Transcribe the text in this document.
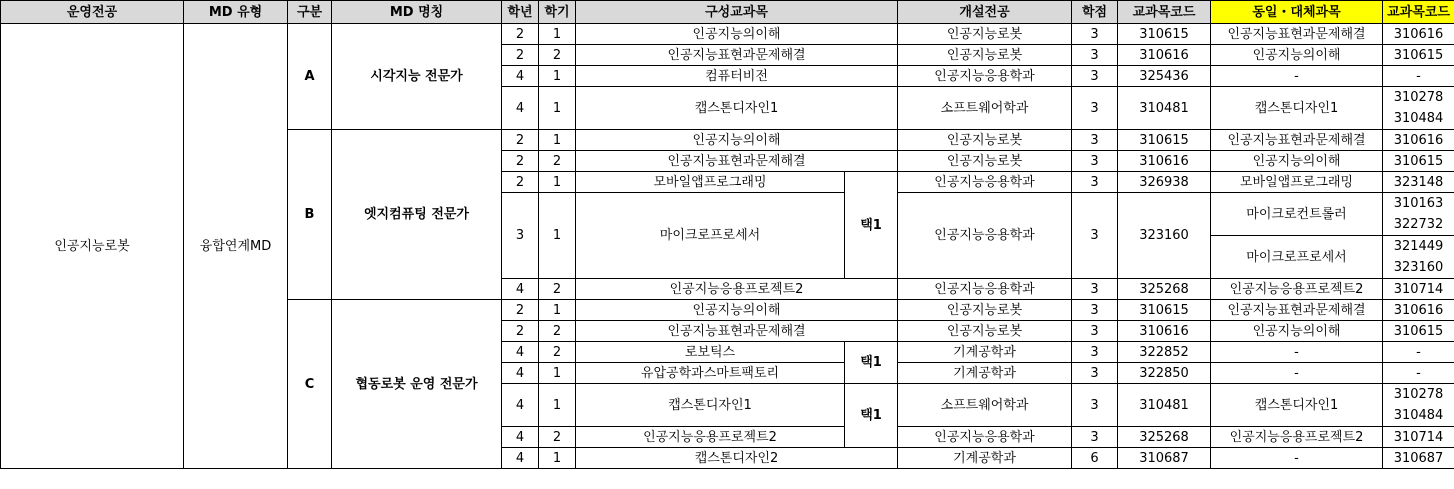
운영전공	MD 유형	구분	MD 명칭	학년	학기	구성교과목		개설전공	학점	교과목코드	동일・대체과목	교과목코드
인공지능로봇	융합연계MD	A	시각지능 전문가	2	1	인공지능의이해		인공지능로봇	3	310615	인공지능표현과문제해결	310616
				2	2	인공지능표현과문제해결		인공지능로봇	3	310616	인공지능의이해	310615
				4	1	컴퓨터비전		인공지능응용학과	3	325436	-	-
				4	1	캡스톤디자인1		소프트웨어학과	3	310481	캡스톤디자인1	310278
												310484
		B	엣지컴퓨팅 전문가	2	1	인공지능의이해		인공지능로봇	3	310615	인공지능표현과문제해결	310616
				2	2	인공지능표현과문제해결		인공지능로봇	3	310616	인공지능의이해	310615
				2	1	모바일앱프로그래밍	택1	인공지능응용학과	3	326938	모바일앱프로그래밍	323148
				3	1	마이크로프로세서		인공지능응용학과	3	323160	마이크로컨트롤러	310163
												322732
											마이크로프로세서	321449
												323160
				4	2	인공지능응용프로젝트2		인공지능응용학과	3	325268	인공지능응용프로젝트2	310714
		C	협동로봇 운영 전문가	2	1	인공지능의이해		인공지능로봇	3	310615	인공지능표현과문제해결	310616
				2	2	인공지능표현과문제해결		인공지능로봇	3	310616	인공지능의이해	310615
				4	2	로보틱스	택1	기계공학과	3	322852	-	-
				4	1	유압공학과스마트팩토리		기계공학과	3	322850	-	-
				4	1	캡스톤디자인1	택1	소프트웨어학과	3	310481	캡스톤디자인1	310278
												310484
				4	2	인공지능응용프로젝트2		인공지능응용학과	3	325268	인공지능응용프로젝트2	310714
				4	1	캡스톤디자인2		기계공학과	6	310687	-	310687
